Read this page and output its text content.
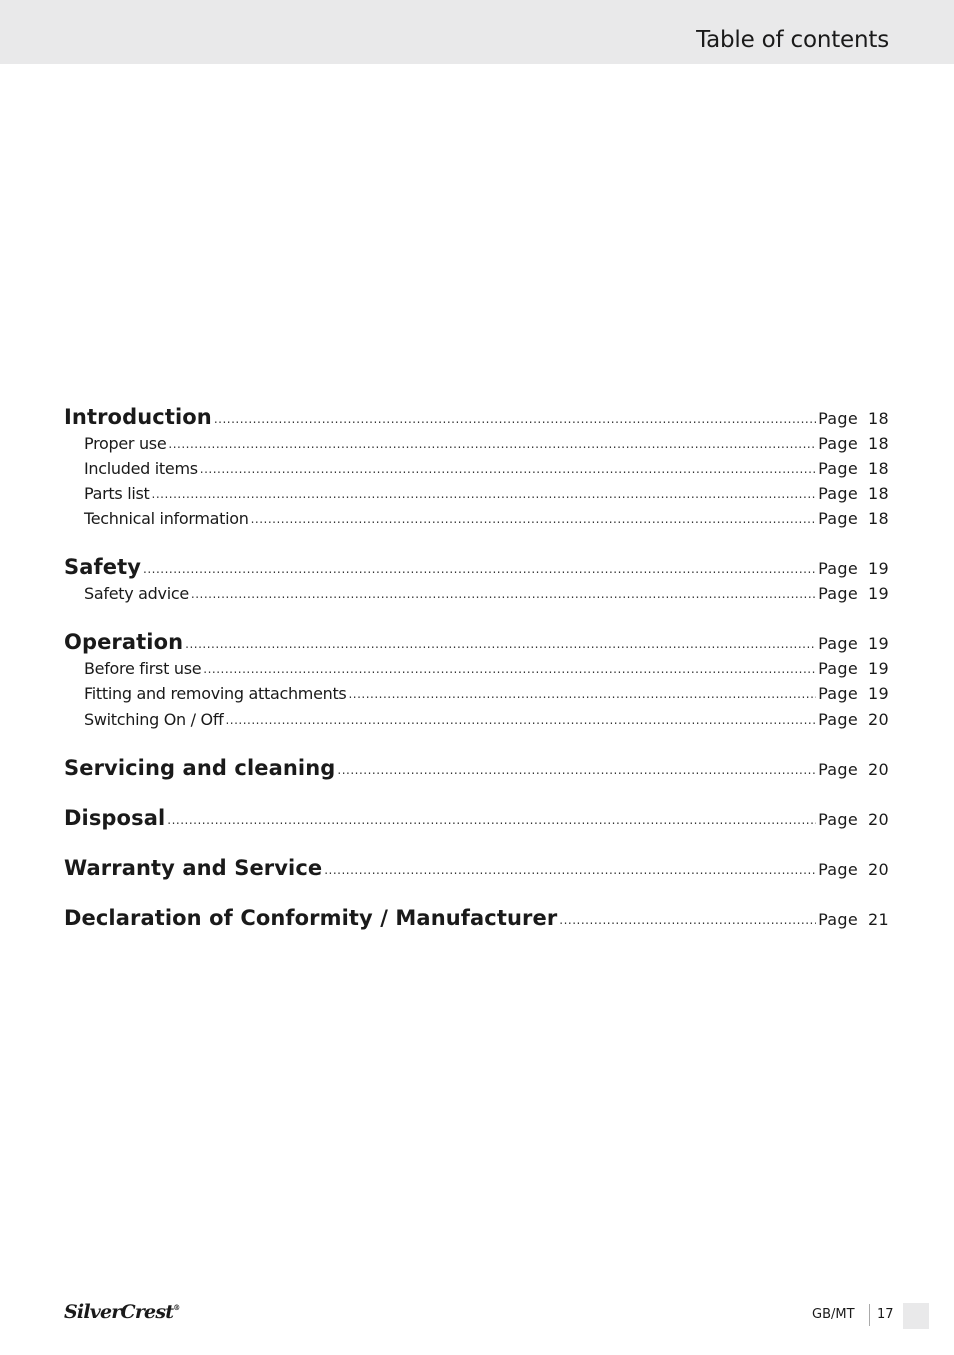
Table of contents
Introduction .....	Page 18
Proper use .....	Page 18
Included items .....	Page 18
Parts list .....	Page 18
Technical information .....	Page 18
Safety .....	Page 19
Safety advice .....	Page 19
Operation .....	Page 19
Before first use .....	Page 19
Fitting and removing attachments .....	Page 19
Switching On / Off .....	Page 20
Servicing and cleaning .....	Page 20
Disposal .....	Page 20
Warranty and Service .....	Page 20
Declaration of Conformity / Manufacturer .....	Page 21
SilverCrest®	GB/MT 17
